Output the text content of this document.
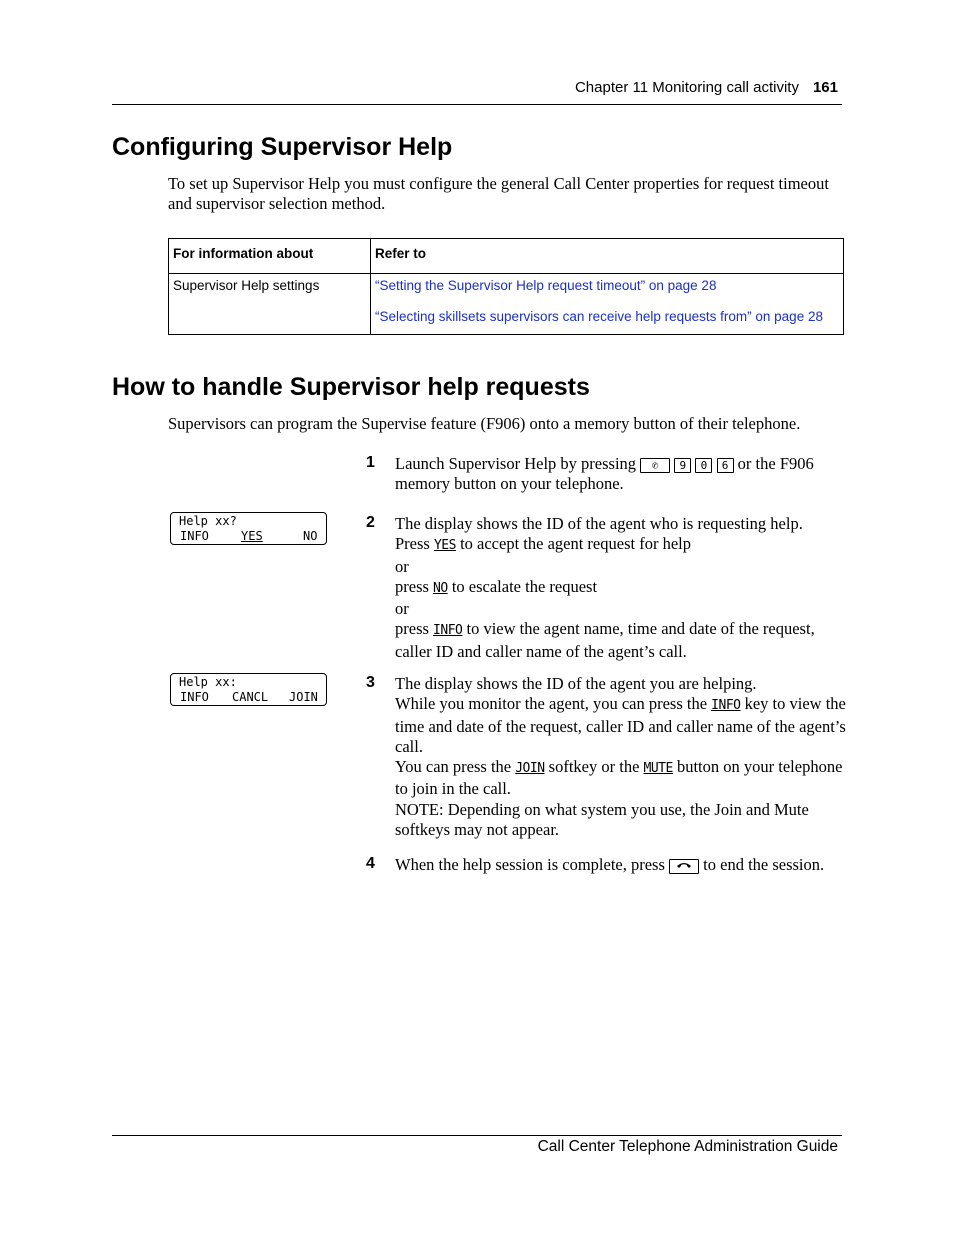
Chapter 11 Monitoring call activity 161
Configuring Supervisor Help

To set up Supervisor Help you must configure the general Call Center properties for request timeout and supervisor selection method.

For information about	Refer to
Supervisor Help settings	“Setting the Supervisor Help request timeout” on page 28
“Selecting skillsets supervisors can receive help requests from” on page 28
How to handle Supervisor help requests

Supervisors can program the Supervise feature (F906) onto a memory button of their telephone.

1 Launch Supervisor Help by pressing ✆ 9 0 6 or the F906 memory button on your telephone.
Help xx?
INFO	YES	NO
2 The display shows the ID of the agent who is requesting help.
Press YES to accept the agent request for help
or
press NO to escalate the request
or
press INFO to view the agent name, time and date of the request, caller ID and caller name of the agent’s call.
Help xx:
INFO CANCL JOIN
3 The display shows the ID of the agent you are helping.
While you monitor the agent, you can press the INFO key to view the time and date of the request, caller ID and caller name of the agent’s call.
You can press the JOIN softkey or the MUTE button on your telephone to join in the call.
NOTE: Depending on what system you use, the Join and Mute softkeys may not appear.
4 When the help session is complete, press to end the session.
Call Center Telephone Administration Guide
